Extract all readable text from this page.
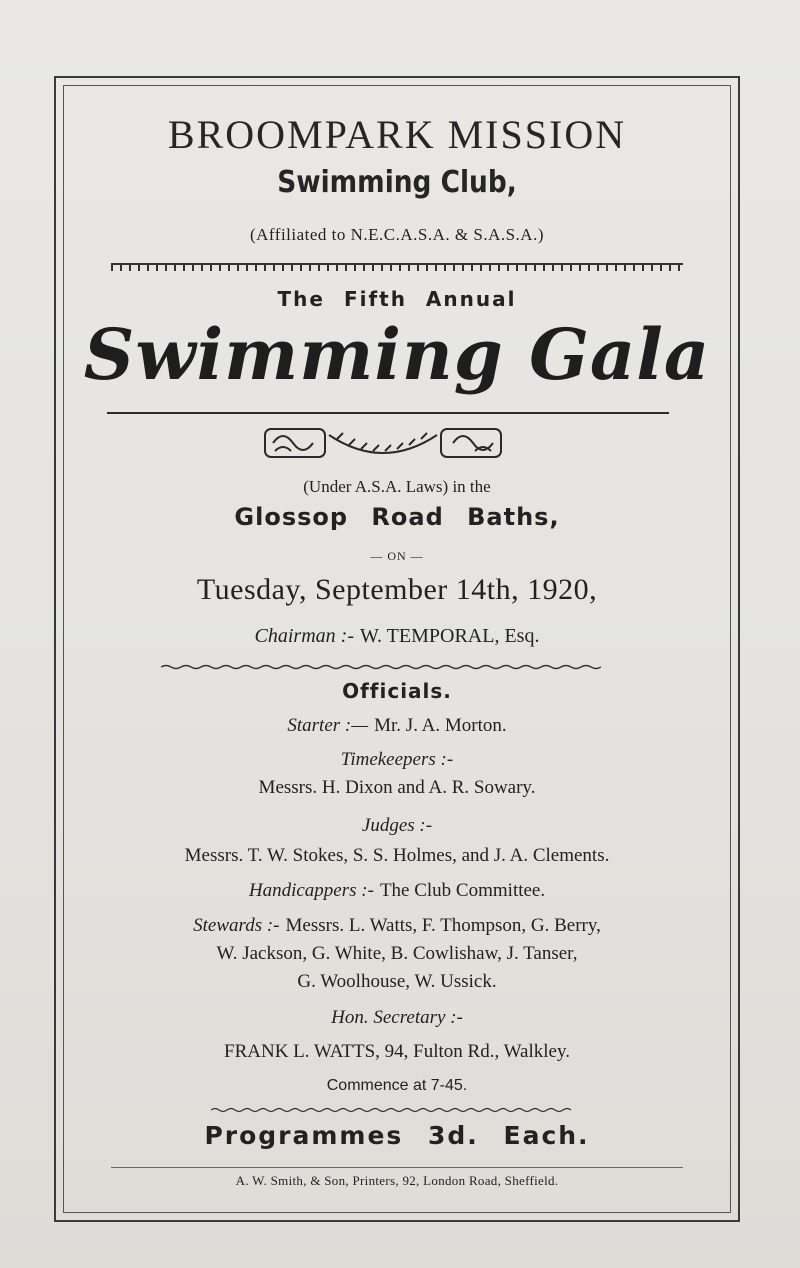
BROOMPARK MISSION
Swimming Club,
(Affiliated to N.E.C.A.S.A. & S.A.S.A.)
The Fifth Annual
Swimming Gala
(Under A.S.A. Laws) in the
Glossop Road Baths,
— ON —
Tuesday, September 14th, 1920,
Chairman :- W. TEMPORAL, Esq.
Officials.
Starter :— Mr. J. A. Morton.
Timekeepers :-
Messrs. H. Dixon and A. R. Sowary.
Judges :-
Messrs. T. W. Stokes, S. S. Holmes, and J. A. Clements.
Handicappers :- The Club Committee.
Stewards :- Messrs. L. Watts, F. Thompson, G. Berry,
W. Jackson, G. White, B. Cowlishaw, J. Tanser,
G. Woolhouse, W. Ussick.
Hon. Secretary :-
FRANK L. WATTS, 94, Fulton Rd., Walkley.
Commence at 7-45.
Programmes 3d. Each.
A. W. Smith, & Son, Printers, 92, London Road, Sheffield.
